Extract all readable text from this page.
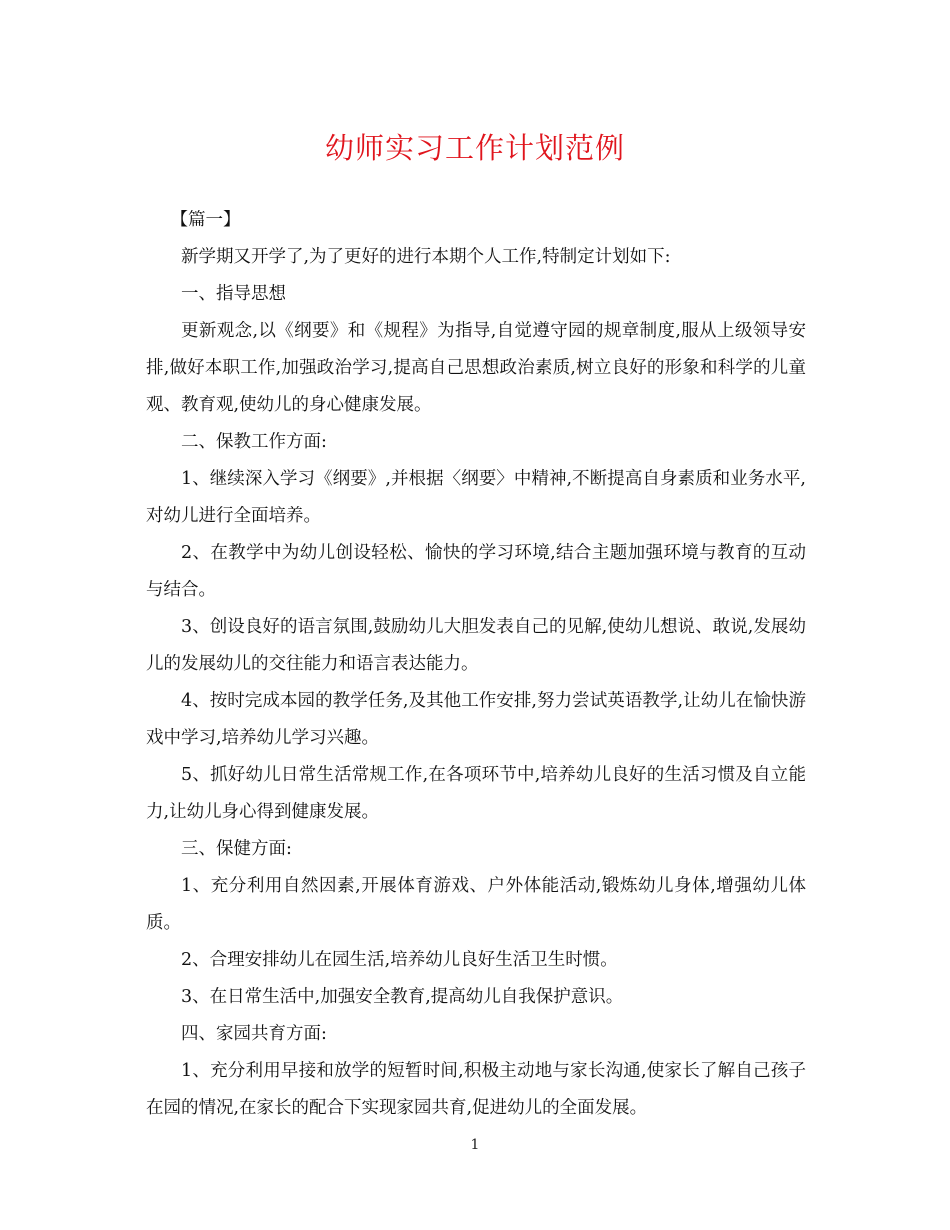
幼师实习工作计划范例

【篇一】

新学期又开学了,为了更好的进行本期个人工作,特制定计划如下:

一、指导思想

更新观念,以《纲要》和《规程》为指导,自觉遵守园的规章制度,服从上级领导安排,做好本职工作,加强政治学习,提高自己思想政治素质,树立良好的形象和科学的儿童观、教育观,使幼儿的身心健康发展。

二、保教工作方面:

1、继续深入学习《纲要》,并根据〈纲要〉中精神,不断提高自身素质和业务水平,对幼儿进行全面培养。

2、在教学中为幼儿创设轻松、愉快的学习环境,结合主题加强环境与教育的互动与结合。

3、创设良好的语言氛围,鼓励幼儿大胆发表自己的见解,使幼儿想说、敢说,发展幼儿的发展幼儿的交往能力和语言表达能力。

4、按时完成本园的教学任务,及其他工作安排,努力尝试英语教学,让幼儿在愉快游戏中学习,培养幼儿学习兴趣。

5、抓好幼儿日常生活常规工作,在各项环节中,培养幼儿良好的生活习惯及自立能力,让幼儿身心得到健康发展。

三、保健方面:

1、充分利用自然因素,开展体育游戏、户外体能活动,锻炼幼儿身体,增强幼儿体质。

2、合理安排幼儿在园生活,培养幼儿良好生活卫生时惯。

3、在日常生活中,加强安全教育,提高幼儿自我保护意识。

四、家园共育方面:

1、充分利用早接和放学的短暂时间,积极主动地与家长沟通,使家长了解自己孩子在园的情况,在家长的配合下实现家园共育,促进幼儿的全面发展。

1
